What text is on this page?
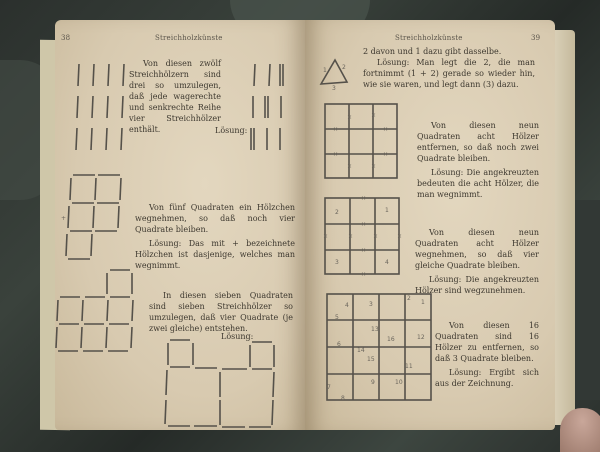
38	Streichholzkünste
Von diesen zwölf Streichhölzern sind drei so umzulegen, daß jede wagerechte und senkrechte Reihe vier Streichhölzer enthält.	Lösung:
+

Von fünf Quadraten ein Hölzchen wegnehmen, so daß noch vier Quadrate bleiben.

Lösung: Das mit + bezeichnete Hölzchen ist dasjenige, welches man wegnimmt.

In diesen sieben Quadraten sind sieben Streichhölzer so umzulegen, daß vier Quadrate (je zwei gleiche) entstehen.
Lösung:
Streichholzkünste	39

2 davon und 1 dazu gibt dasselbe.

Lösung: Man legt die 2, die man fortnimmt (1 + 2) gerade so wieder hin, wie sie waren, und legt dann (3) dazu.

1	2
3
×	×
×	×
×	×
×	×

Von diesen neun Quadraten acht Hölzer entfernen, so daß noch zwei Quadrate bleiben.

Lösung: Die angekreuzten bedeuten die acht Hölzer, die man wegnimmt.

2	1
3	4
×
×
×	×
×	×
×
×

Von diesen neun Quadraten acht Hölzer wegnehmen, so daß vier gleiche Quadrate bleiben.

Lösung: Die angekreuzten Hölzer sind wegzunehmen.

1
2
3
4
5
6
7
8
9	10
11
12
13
14
15
16

Von diesen 16 Quadraten sind 16 Hölzer zu entfernen, so daß 3 Quadrate bleiben.

Lösung: Ergibt sich aus der Zeichnung.
